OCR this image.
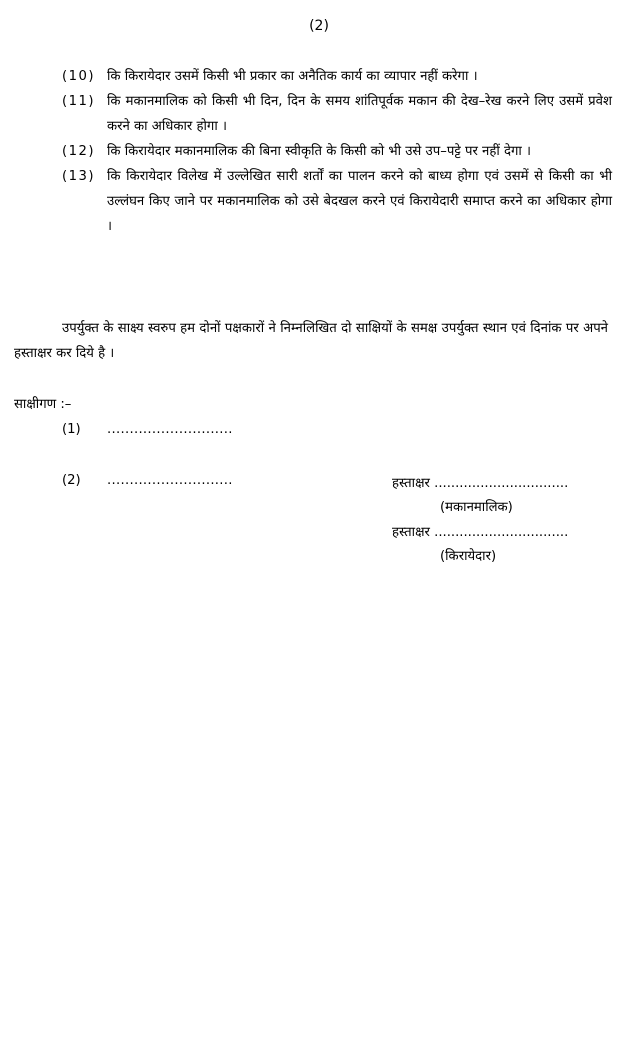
(2)
(10) कि किरायेदार उसमें किसी भी प्रकार का अनैतिक कार्य का व्यापार नहीं करेगा ।
(11) कि मकानमालिक को किसी भी दिन, दिन के समय शांतिपूर्वक मकान की देख–रेख करने लिए उसमें प्रवेश करने का अधिकार होगा ।
(12) कि किरायेदार मकानमालिक की बिना स्वीकृति के किसी को भी उसे उप–पट्टे पर नहीं देगा ।
(13) कि किरायेदार विलेख में उल्लेखित सारी शर्तों का पालन करने को बाध्य होगा एवं उसमें से किसी का भी उल्लंघन किए जाने पर मकानमालिक को उसे बेदखल करने एवं किरायेदारी समाप्त करने का अधिकार होगा ।
उपर्युक्त के साक्ष्य स्वरुप हम दोनों पक्षकारों ने निम्नलिखित दो साक्षियों के समक्ष उपर्युक्त स्थान एवं दिनांक पर अपने हस्ताक्षर कर दिये है ।
साक्षीगण :–
(1) ............................
(2) ............................	हस्ताक्षर ................................
(मकानमालिक)
हस्ताक्षर ................................
(किरायेदार)
